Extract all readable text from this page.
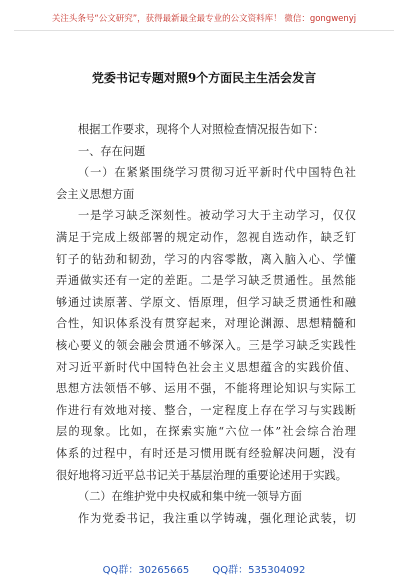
关注头条号“公文研究”，获得最新最全最专业的公文资料库！ 微信：gongwenyj
党委书记专题对照9个方面民主生活会发言

根据工作要求，现将个人对照检查情况报告如下：

一、存在问题

（一）在紧紧围绕学习贯彻习近平新时代中国特色社

会主义思想方面

一是学习缺乏深刻性。被动学习大于主动学习，仅仅

满足于完成上级部署的规定动作，忽视自选动作，缺乏钉

钉子的钻劲和韧劲，学习的内容零散，离入脑入心、学懂

弄通做实还有一定的差距。二是学习缺乏贯通性。虽然能

够通过读原著、学原文、悟原理，但学习缺乏贯通性和融

合性，知识体系没有贯穿起来，对理论渊源、思想精髓和

核心要义的领会融会贯通不够深入。三是学习缺乏实践性

对习近平新时代中国特色社会主义思想蕴含的实践价值、

思想方法领悟不够、运用不强，不能将理论知识与实际工

作进行有效地对接、整合，一定程度上存在学习与实践断

层的现象。比如，在探索实施“六位一体”社会综合治理

体系的过程中，有时还是习惯用既有经验解决问题，没有

很好地将习近平总书记关于基层治理的重要论述用于实践。

（二）在维护党中央权威和集中统一领导方面

作为党委书记，我注重以学铸魂，强化理论武装，切

QQ群：30265665 QQ群：535304092
